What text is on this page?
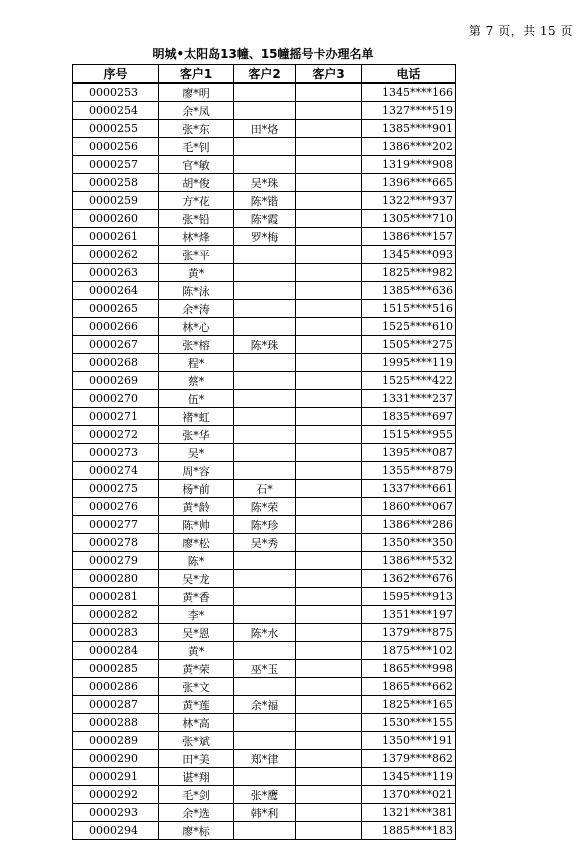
第 7 页，共 15 页
明城•太阳岛13幢、15幢摇号卡办理名单
序号	客户1	客户2	客户3	电话
0000253	廖*明			1345****166
0000254	余*凤			1327****519
0000255	张*东	田*烙		1385****901
0000256	毛*钊			1386****202
0000257	官*敏			1319****908
0000258	胡*俊	吴*珠		1396****665
0000259	方*花	陈*锴		1322****937
0000260	张*铅	陈*霞		1305****710
0000261	林*烽	罗*梅		1386****157
0000262	张*平			1345****093
0000263	黄*			1825****982
0000264	陈*泳			1385****636
0000265	余*涛			1515****516
0000266	林*心			1525****610
0000267	张*榕	陈*珠		1505****275
0000268	程*			1995****119
0000269	蔡*			1525****422
0000270	伍*			1331****237
0000271	褚*虹			1835****697
0000272	张*华			1515****955
0000273	吴*			1395****087
0000274	周*容			1355****879
0000275	杨*前	石*		1337****661
0000276	黄*龄	陈*荣		1860****067
0000277	陈*帅	陈*珍		1386****286
0000278	廖*松	吴*秀		1350****350
0000279	陈*			1386****532
0000280	吴*龙			1362****676
0000281	黄*香			1595****913
0000282	李*			1351****197
0000283	吴*恩	陈*水		1379****875
0000284	黄*			1875****102
0000285	黄*荣	巫*玉		1865****998
0000286	张*文			1865****662
0000287	黄*莲	余*福		1825****165
0000288	林*高			1530****155
0000289	张*斌			1350****191
0000290	田*美	郑*律		1379****862
0000291	谌*翔			1345****119
0000292	毛*剑	张*鹰		1370****021
0000293	余*选	韩*利		1321****381
0000294	廖*标			1885****183
